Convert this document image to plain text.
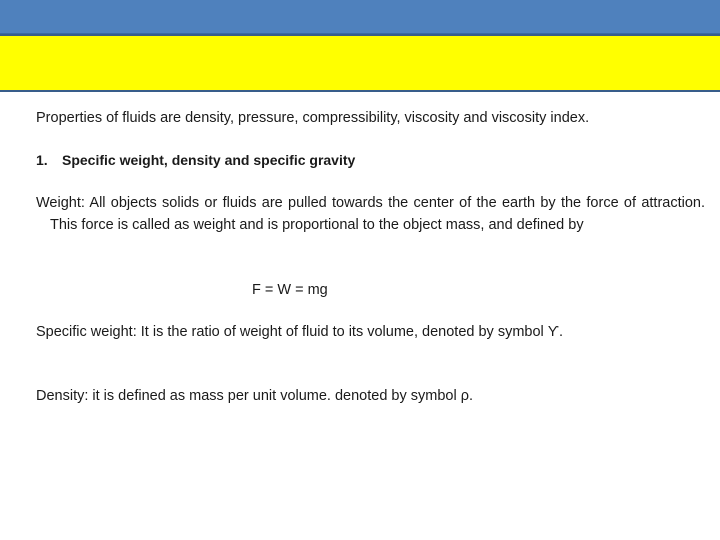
Properties of fluids are density, pressure, compressibility, viscosity and viscosity index.

1. Specific weight, density and specific gravity

Weight: All objects solids or fluids are pulled towards the center of the earth by the force of attraction. This force is called as weight and is proportional to the object mass, and defined by

F = W = mg

Specific weight: It is the ratio of weight of fluid to its volume, denoted by symbol ϒ.

Density: it is defined as mass per unit volume. denoted by symbol ρ.
